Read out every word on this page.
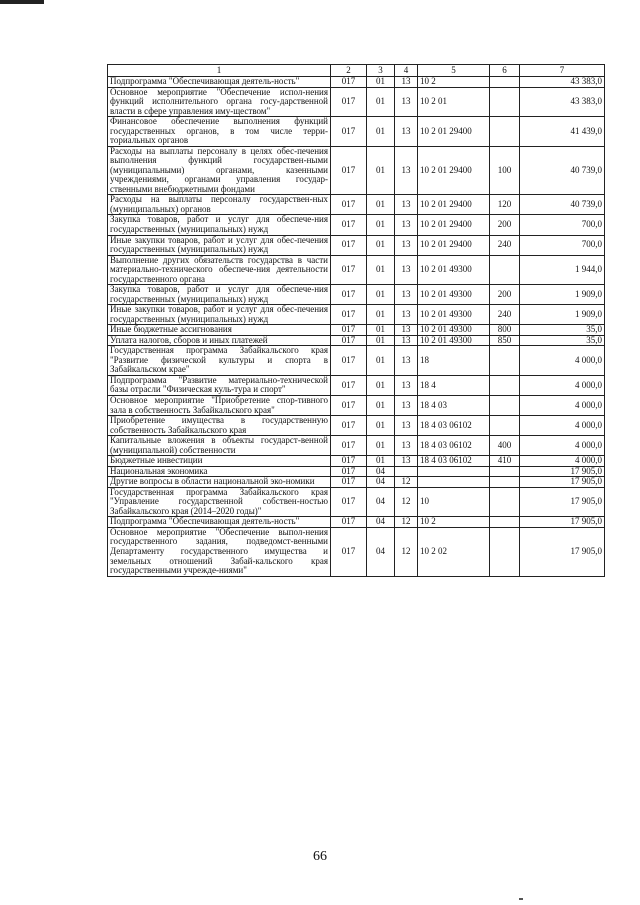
1	2	3	4	5	6	7
Подпрограмма "Обеспечивающая деятель-ность"	017	01	13	10 2		43 383,0
Основное мероприятие "Обеспечение испол-нения функций исполнительного органа госу-дарственной власти в сфере управления иму-ществом"	017	01	13	10 2 01		43 383,0
Финансовое обеспечение выполнения функций государственных органов, в том числе терри-ториальных органов	017	01	13	10 2 01 29400		41 439,0
Расходы на выплаты персоналу в целях обес-печения выполнения функций государствен-ными (муниципальными) органами, казенными учреждениями, органами управления государ-ственными внебюджетными фондами	017	01	13	10 2 01 29400	100	40 739,0
Расходы на выплаты персоналу государствен-ных (муниципальных) органов	017	01	13	10 2 01 29400	120	40 739,0
Закупка товаров, работ и услуг для обеспече-ния государственных (муниципальных) нужд	017	01	13	10 2 01 29400	200	700,0
Иные закупки товаров, работ и услуг для обес-печения государственных (муниципальных) нужд	017	01	13	10 2 01 29400	240	700,0
Выполнение других обязательств государства в части материально-технического обеспече-ния деятельности государственного органа	017	01	13	10 2 01 49300		1 944,0
Закупка товаров, работ и услуг для обеспече-ния государственных (муниципальных) нужд	017	01	13	10 2 01 49300	200	1 909,0
Иные закупки товаров, работ и услуг для обес-печения государственных (муниципальных) нужд	017	01	13	10 2 01 49300	240	1 909,0
Иные бюджетные ассигнования	017	01	13	10 2 01 49300	800	35,0
Уплата налогов, сборов и иных платежей	017	01	13	10 2 01 49300	850	35,0
Государственная программа Забайкальского края "Развитие физической культуры и спорта в Забайкальском крае"	017	01	13	18		4 000,0
Подпрограмма "Развитие материально-технической базы отрасли "Физическая куль-тура и спорт"	017	01	13	18 4		4 000,0
Основное мероприятие "Приобретение спор-тивного зала в собственность Забайкальского края"	017	01	13	18 4 03		4 000,0
Приобретение имущества в государственную собственность Забайкальского края	017	01	13	18 4 03 06102		4 000,0
Капитальные вложения в объекты государст-венной (муниципальной) собственности	017	01	13	18 4 03 06102	400	4 000,0
Бюджетные инвестиции	017	01	13	18 4 03 06102	410	4 000,0
Национальная экономика	017	04				17 905,0
Другие вопросы в области национальной эко-номики	017	04	12			17 905,0
Государственная программа Забайкальского края "Управление государственной собствен-ностью Забайкальского края (2014–2020 годы)"	017	04	12	10		17 905,0
Подпрограмма "Обеспечивающая деятель-ность"	017	04	12	10 2		17 905,0
Основное мероприятие "Обеспечение выпол-нения государственного задания, подведомст-венными Департаменту государственного имущества и земельных отношений Забай-кальского края государственными учрежде-ниями"	017	04	12	10 2 02		17 905,0
66
